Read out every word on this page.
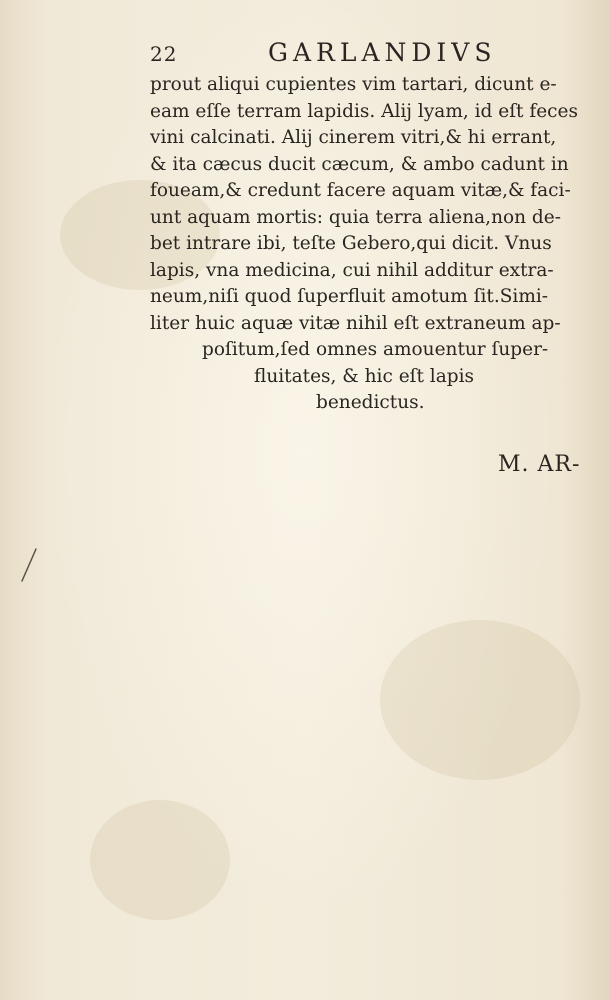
22	GARLANDIVS
prout aliqui cupientes vim tartari, dicunt e-
eam eſſe terram lapidis. Alij lyam, id eſt feces
vini calcinati. Alij cinerem vitri,& hi errant,
& ita cæcus ducit cæcum, & ambo cadunt in
foueam,& credunt facere aquam vitæ,& faci-
unt aquam mortis: quia terra aliena,non de-
bet intrare ibi, teſte Gebero,qui dicit. Vnus
lapis, vna medicina, cui nihil additur extra-
neum,niſi quod ſuperfluit amotum ſit.Simi-
liter huic aquæ vitæ nihil eſt extraneum ap-
poſitum,ſed omnes amouentur ſuper-
fluitates, & hic eſt lapis
benedictus.
M. AR-
